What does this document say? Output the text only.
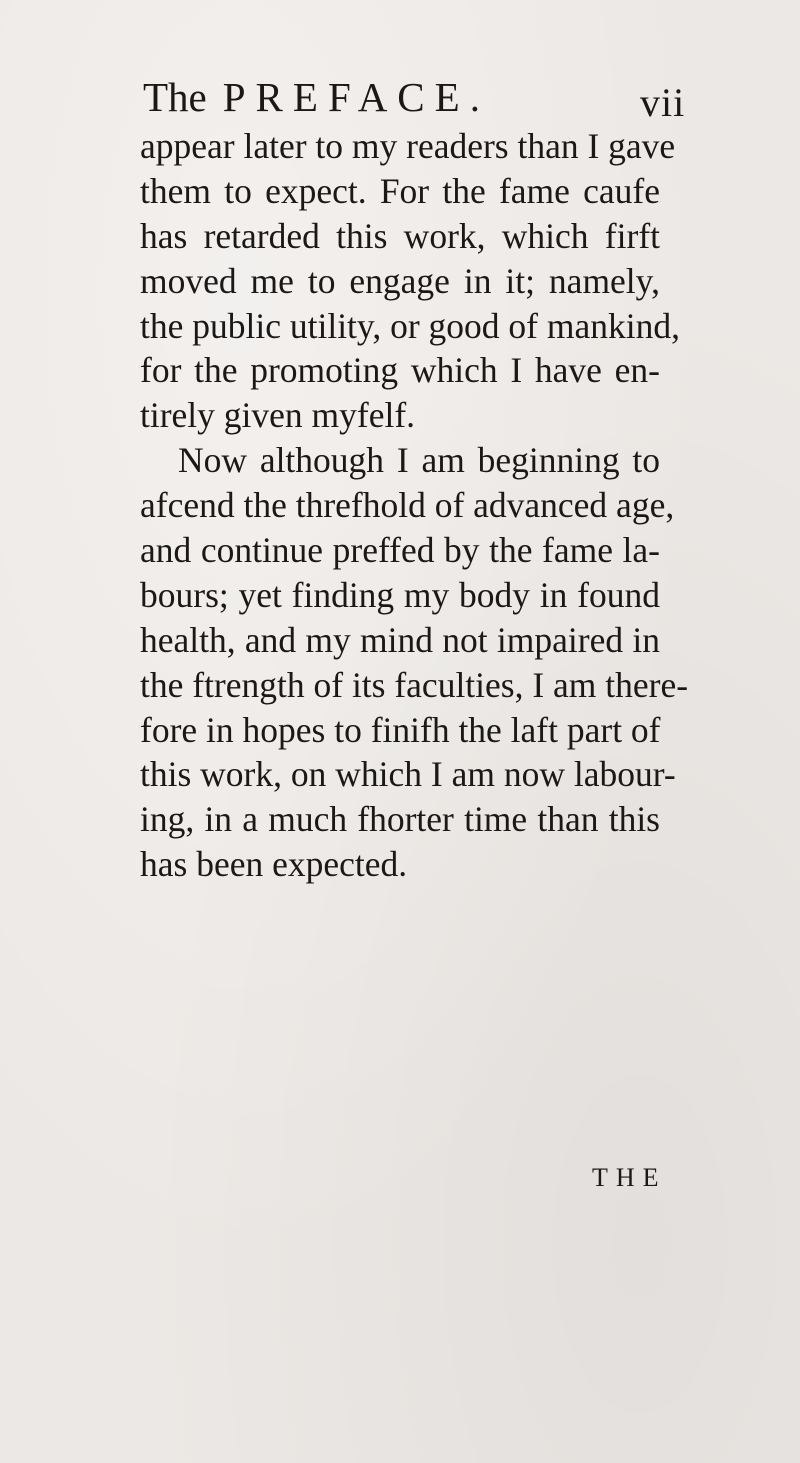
The PREFACE.	vii
appear later to my readers than I gave
them to expect. For the fame caufe
has retarded this work, which firft
moved me to engage in it; namely,
the public utility, or good of mankind,
for the promoting which I have en-
tirely given myfelf.
Now although I am beginning to
afcend the threfhold of advanced age,
and continue preffed by the fame la-
bours; yet finding my body in found
health, and my mind not impaired in
the ftrength of its faculties, I am there-
fore in hopes to finifh the laft part of
this work, on which I am now labour-
ing, in a much fhorter time than this
has been expected.
THE
